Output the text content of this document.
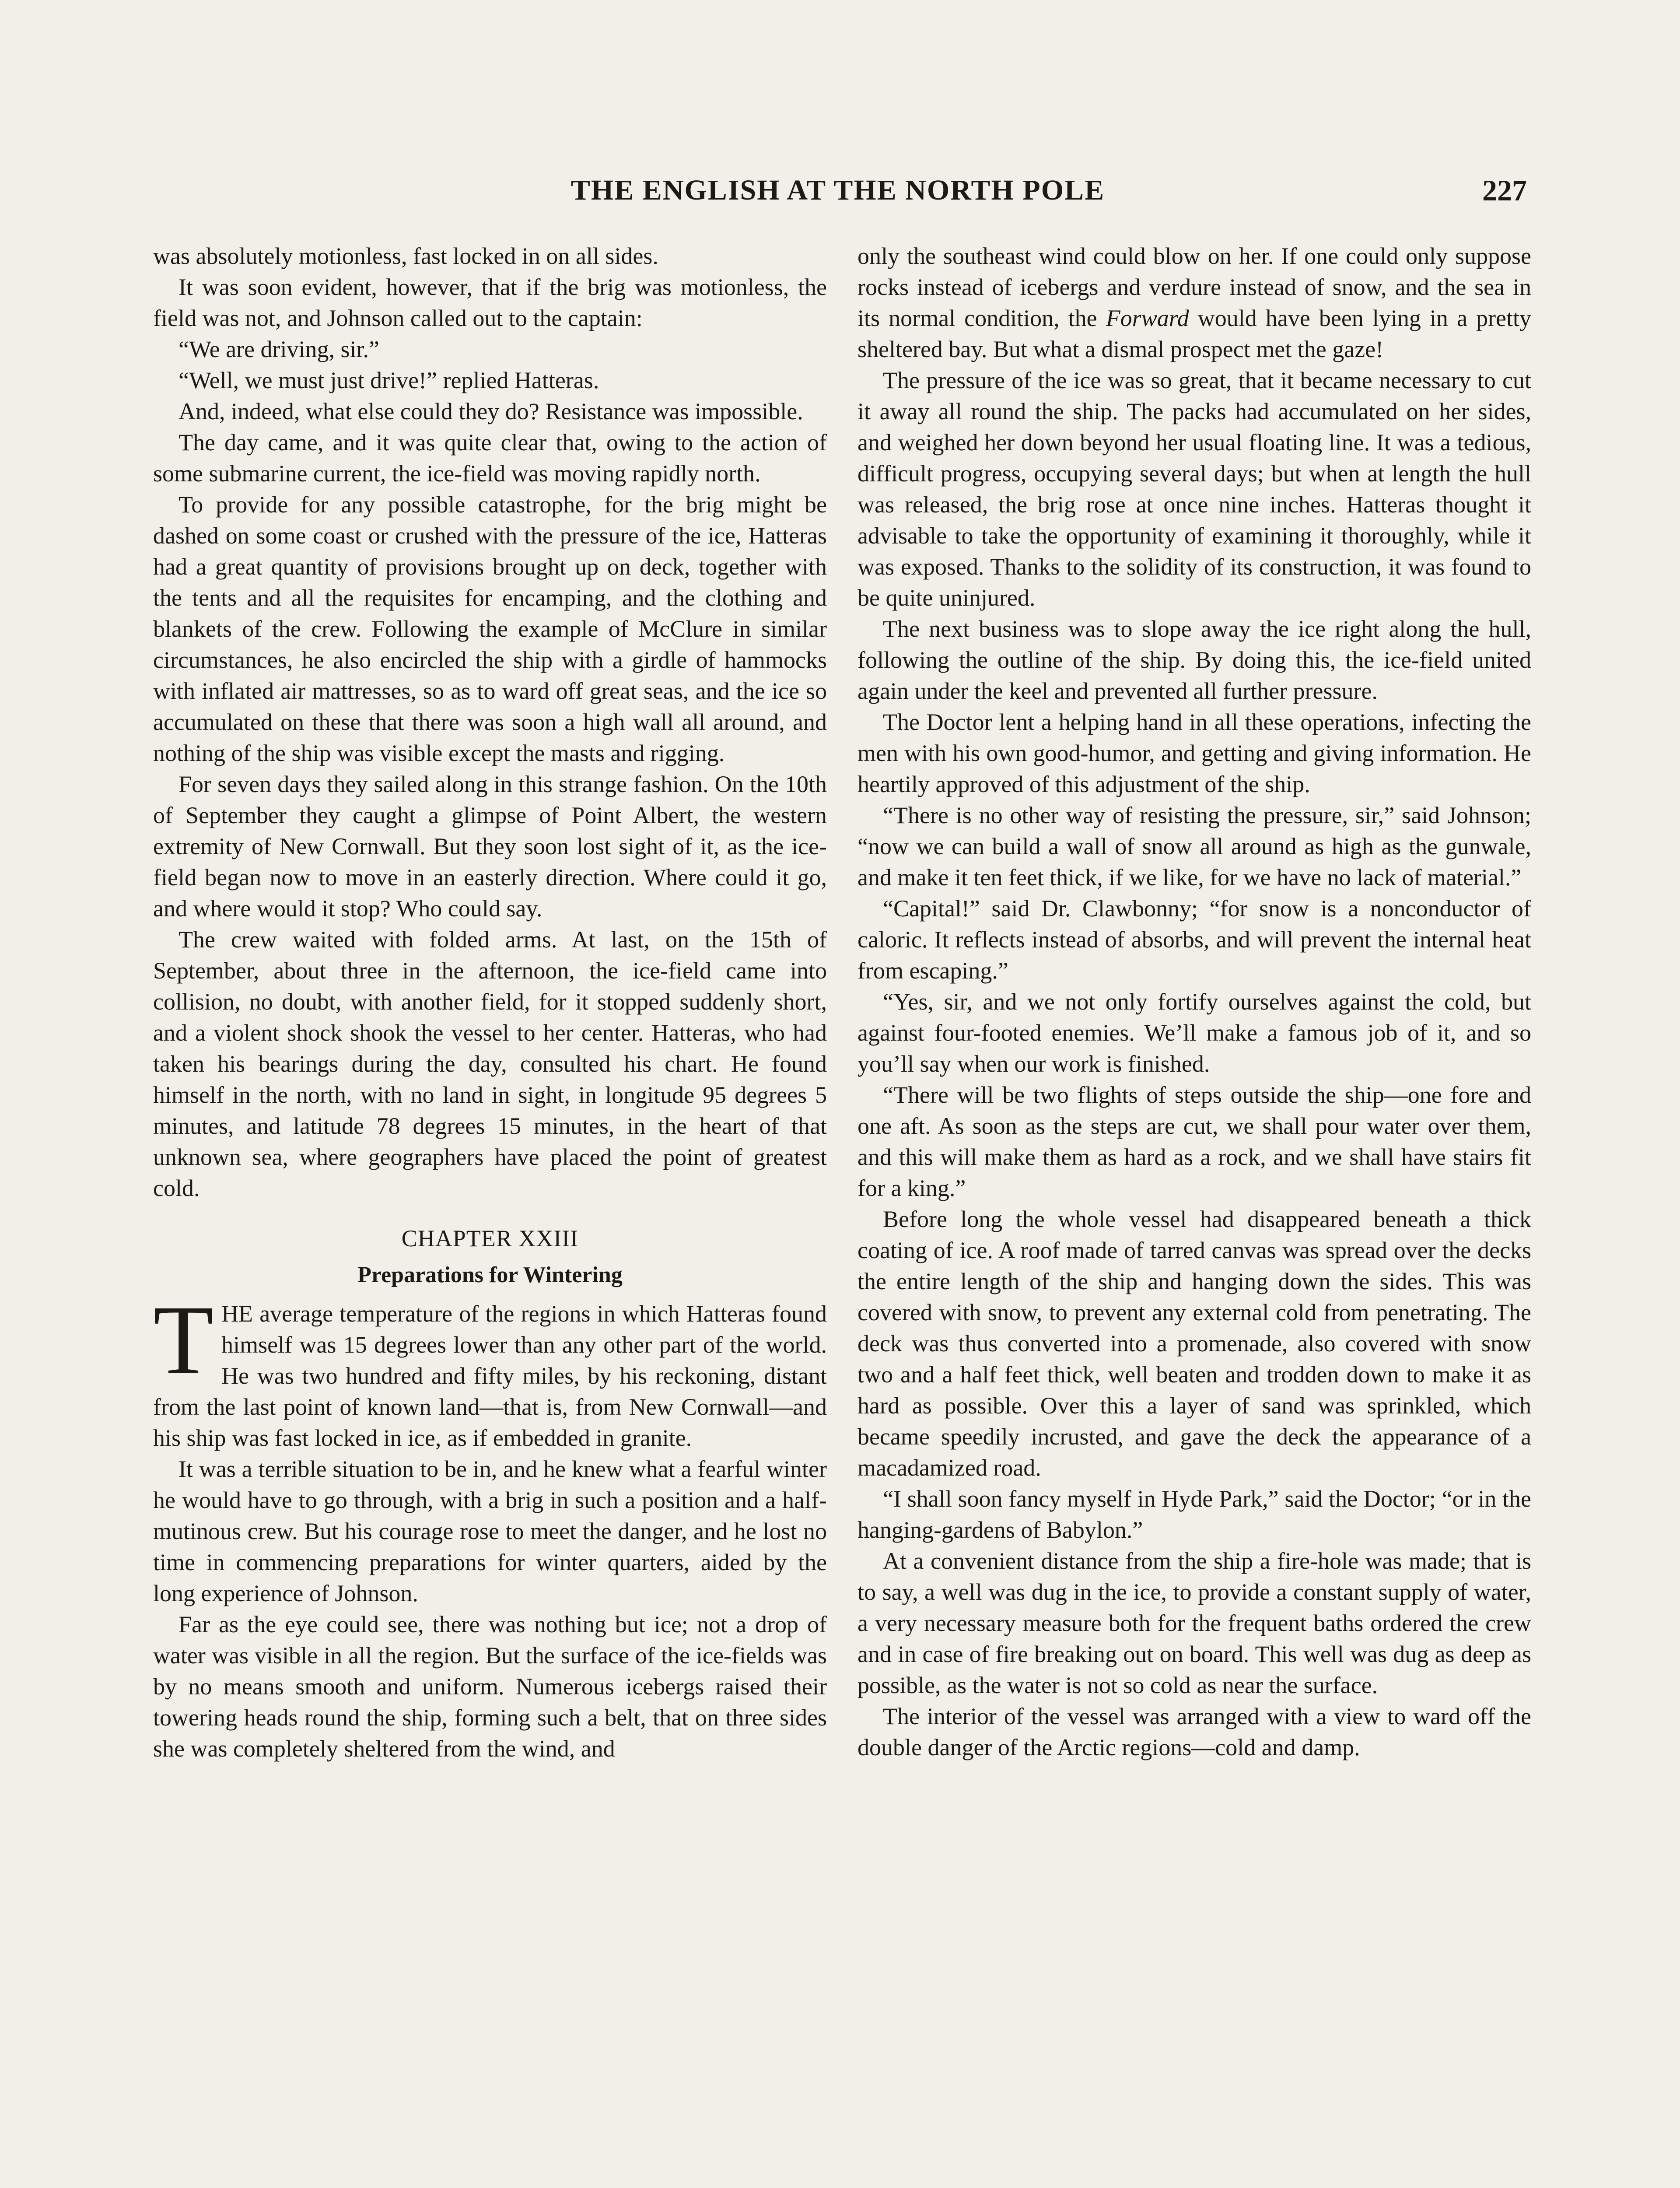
THE ENGLISH AT THE NORTH POLE	227

was absolutely motionless, fast locked in on all sides.

It was soon evident, however, that if the brig was motionless, the field was not, and Johnson called out to the captain:

“We are driving, sir.”

“Well, we must just drive!” replied Hatteras.

And, indeed, what else could they do? Resistance was impossible.

The day came, and it was quite clear that, owing to the action of some submarine current, the ice-field was moving rapidly north.

To provide for any possible catastrophe, for the brig might be dashed on some coast or crushed with the pressure of the ice, Hatteras had a great quantity of provisions brought up on deck, together with the tents and all the requisites for encamping, and the clothing and blankets of the crew. Following the example of McClure in similar circumstances, he also encircled the ship with a girdle of hammocks with inflated air mattresses, so as to ward off great seas, and the ice so accumulated on these that there was soon a high wall all around, and nothing of the ship was visible except the masts and rigging.

For seven days they sailed along in this strange fashion. On the 10th of September they caught a glimpse of Point Albert, the western extremity of New Cornwall. But they soon lost sight of it, as the ice-field began now to move in an easterly direction. Where could it go, and where would it stop? Who could say.

The crew waited with folded arms. At last, on the 15th of September, about three in the afternoon, the ice-field came into collision, no doubt, with another field, for it stopped suddenly short, and a violent shock shook the vessel to her center. Hatteras, who had taken his bearings during the day, consulted his chart. He found himself in the north, with no land in sight, in longitude 95 degrees 5 minutes, and latitude 78 degrees 15 minutes, in the heart of that unknown sea, where geographers have placed the point of greatest cold.

CHAPTER XXIII
Preparations for Wintering

THE average temperature of the regions in which Hatteras found himself was 15 degrees lower than any other part of the world. He was two hundred and fifty miles, by his reckoning, distant from the last point of known land—that is, from New Cornwall—and his ship was fast locked in ice, as if embedded in granite.

It was a terrible situation to be in, and he knew what a fearful winter he would have to go through, with a brig in such a position and a half-mutinous crew. But his courage rose to meet the danger, and he lost no time in commencing preparations for winter quarters, aided by the long experience of Johnson.

Far as the eye could see, there was nothing but ice; not a drop of water was visible in all the region. But the surface of the ice-fields was by no means smooth and uniform. Numerous icebergs raised their towering heads round the ship, forming such a belt, that on three sides she was completely sheltered from the wind, and

only the southeast wind could blow on her. If one could only suppose rocks instead of icebergs and verdure instead of snow, and the sea in its normal condition, the Forward would have been lying in a pretty sheltered bay. But what a dismal prospect met the gaze!

The pressure of the ice was so great, that it became necessary to cut it away all round the ship. The packs had accumulated on her sides, and weighed her down beyond her usual floating line. It was a tedious, difficult progress, occupying several days; but when at length the hull was released, the brig rose at once nine inches. Hatteras thought it advisable to take the opportunity of examining it thoroughly, while it was exposed. Thanks to the solidity of its construction, it was found to be quite uninjured.

The next business was to slope away the ice right along the hull, following the outline of the ship. By doing this, the ice-field united again under the keel and prevented all further pressure.

The Doctor lent a helping hand in all these operations, infecting the men with his own good-humor, and getting and giving information. He heartily approved of this adjustment of the ship.

“There is no other way of resisting the pressure, sir,” said Johnson; “now we can build a wall of snow all around as high as the gunwale, and make it ten feet thick, if we like, for we have no lack of material.”

“Capital!” said Dr. Clawbonny; “for snow is a nonconductor of caloric. It reflects instead of absorbs, and will prevent the internal heat from escaping.”

“Yes, sir, and we not only fortify ourselves against the cold, but against four-footed enemies. We’ll make a famous job of it, and so you’ll say when our work is finished.

“There will be two flights of steps outside the ship—one fore and one aft. As soon as the steps are cut, we shall pour water over them, and this will make them as hard as a rock, and we shall have stairs fit for a king.”

Before long the whole vessel had disappeared beneath a thick coating of ice. A roof made of tarred canvas was spread over the decks the entire length of the ship and hanging down the sides. This was covered with snow, to prevent any external cold from penetrating. The deck was thus converted into a promenade, also covered with snow two and a half feet thick, well beaten and trodden down to make it as hard as possible. Over this a layer of sand was sprinkled, which became speedily incrusted, and gave the deck the appearance of a macadamized road.

“I shall soon fancy myself in Hyde Park,” said the Doctor; “or in the hanging-gardens of Babylon.”

At a convenient distance from the ship a fire-hole was made; that is to say, a well was dug in the ice, to provide a constant supply of water, a very necessary measure both for the frequent baths ordered the crew and in case of fire breaking out on board. This well was dug as deep as possible, as the water is not so cold as near the surface.

The interior of the vessel was arranged with a view to ward off the double danger of the Arctic regions—cold and damp.
